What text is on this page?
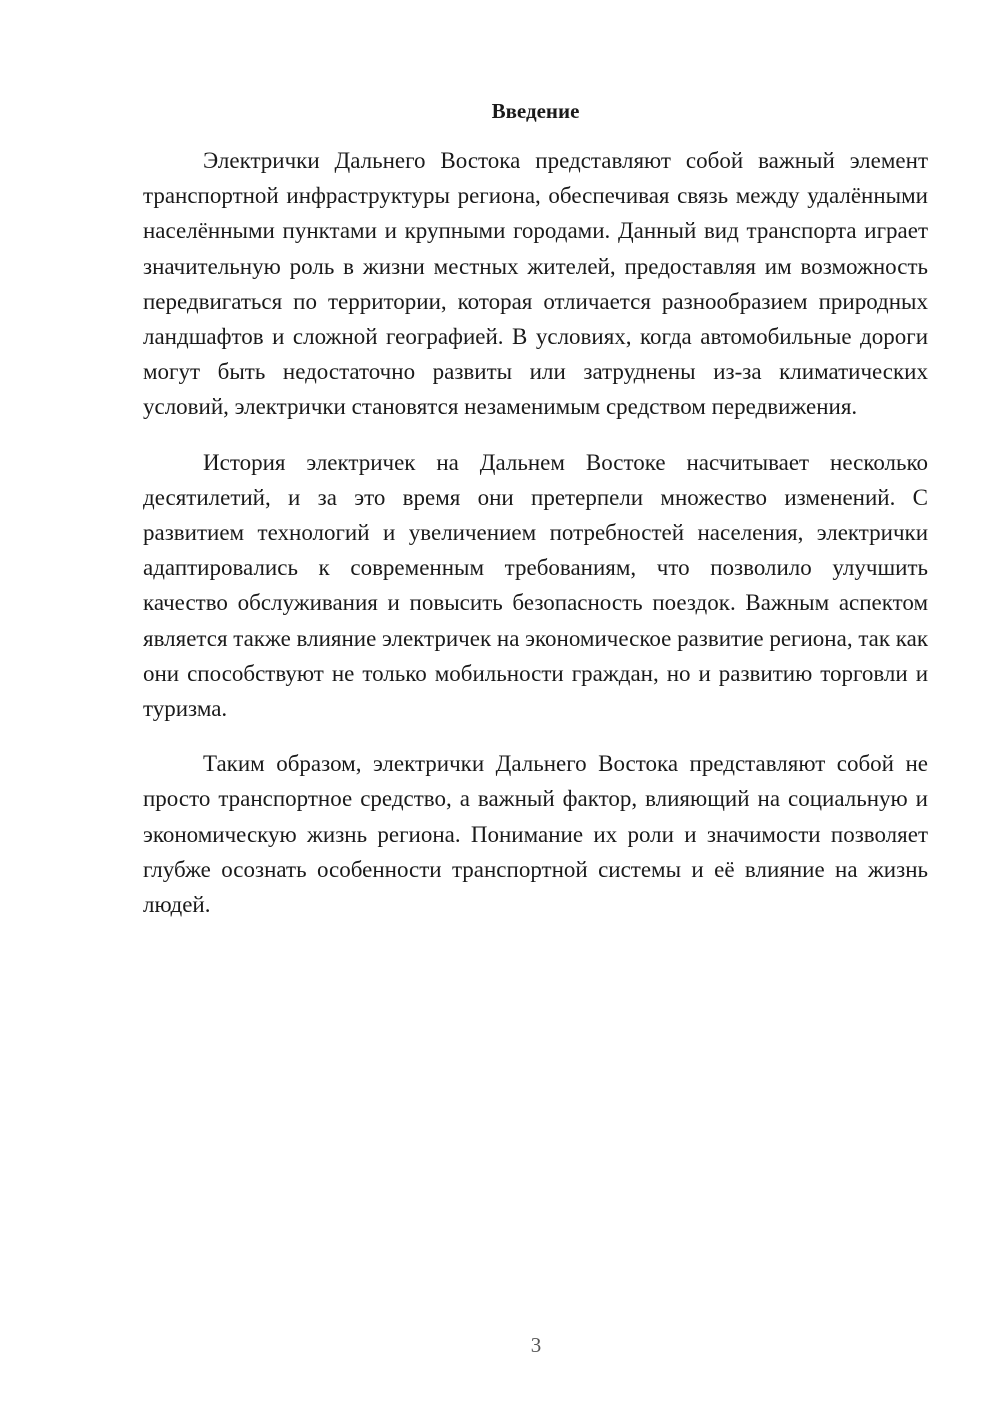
Введение

Электрички Дальнего Востока представляют собой важный элемент транспортной инфраструктуры региона, обеспечивая связь между удалёнными населёнными пунктами и крупными городами. Данный вид транспорта играет значительную роль в жизни местных жителей, предоставляя им возможность передвигаться по территории, которая отличается разнообразием природных ландшафтов и сложной географией. В условиях, когда автомобильные дороги могут быть недостаточно развиты или затруднены из-за климатических условий, электрички становятся незаменимым средством передвижения.

История электричек на Дальнем Востоке насчитывает несколько десятилетий, и за это время они претерпели множество изменений. С развитием технологий и увеличением потребностей населения, электрички адаптировались к современным требованиям, что позволило улучшить качество обслуживания и повысить безопасность поездок. Важным аспектом является также влияние электричек на экономическое развитие региона, так как они способствуют не только мобильности граждан, но и развитию торговли и туризма.

Таким образом, электрички Дальнего Востока представляют собой не просто транспортное средство, а важный фактор, влияющий на социальную и экономическую жизнь региона. Понимание их роли и значимости позволяет глубже осознать особенности транспортной системы и её влияние на жизнь людей.

3
